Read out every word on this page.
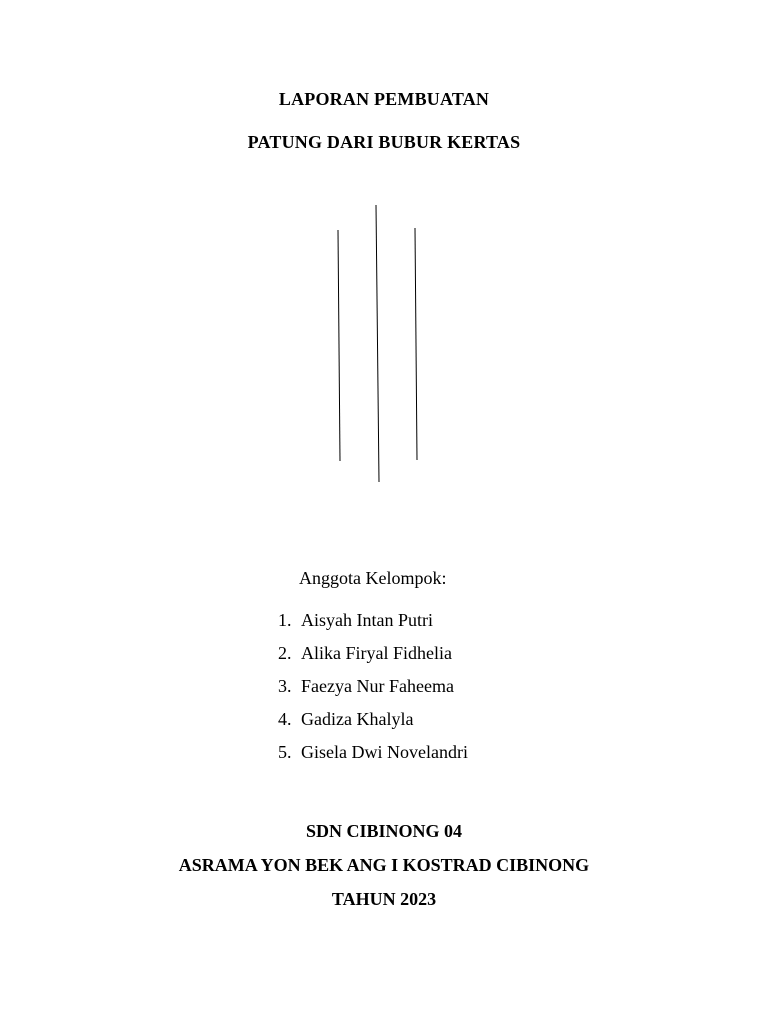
LAPORAN PEMBUATAN
PATUNG DARI BUBUR KERTAS
Anggota Kelompok:
1. Aisyah Intan Putri
2. Alika Firyal Fidhelia
3. Faezya Nur Faheema
4. Gadiza Khalyla
5. Gisela Dwi Novelandri
SDN CIBINONG 04
ASRAMA YON BEK ANG I KOSTRAD CIBINONG
TAHUN 2023
